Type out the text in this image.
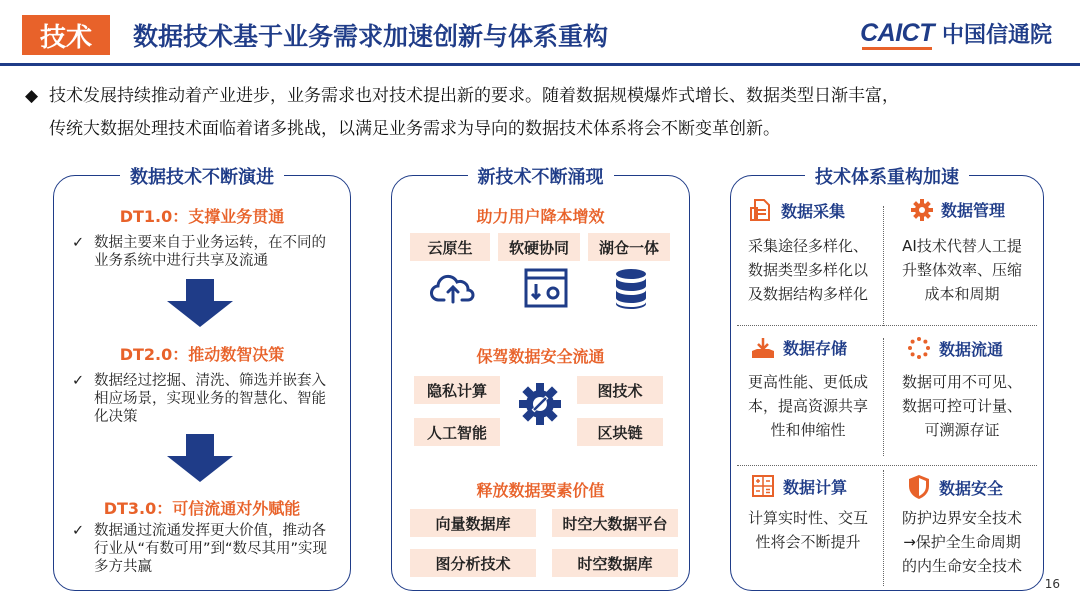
技术	数据技术基于业务需求加速创新与体系重构	CAICT 中国信通院
◆ 技术发展持续推动着产业进步，业务需求也对技术提出新的要求。随着数据规模爆炸式增长、数据类型日渐丰富，
传统大数据处理技术面临着诸多挑战，以满足业务需求为导向的数据技术体系将会不断变革创新。
数据技术不断演进
DT1.0：支撑业务贯通
✓ 数据主要来自于业务运转，在不同的业务系统中进行共享及流通
DT2.0：推动数智决策
✓ 数据经过挖掘、清洗、筛选并嵌套入相应场景，实现业务的智慧化、智能化决策
DT3.0：可信流通对外赋能
✓ 数据通过流通发挥更大价值，推动各行业从“有数可用”到“数尽其用”实现多方共赢
新技术不断涌现
助力用户降本增效
云原生	软硬协同	湖仓一体
保驾数据安全流通
隐私计算	图技术
人工智能	区块链
释放数据要素价值
向量数据库	时空大数据平台
图分析技术	时空数据库
技术体系重构加速
数据采集
采集途径多样化、
数据类型多样化以
及数据结构多样化
数据管理
AI技术代替人工提
升整体效率、压缩
成本和周期
数据存储
更高性能、更低成
本，提高资源共享
性和伸缩性
数据流通
数据可用不可见、
数据可控可计量、
可溯源存证
数据计算
计算实时性、交互
性将会不断提升
数据安全
防护边界安全技术
→保护全生命周期
的内生命安全技术
16
